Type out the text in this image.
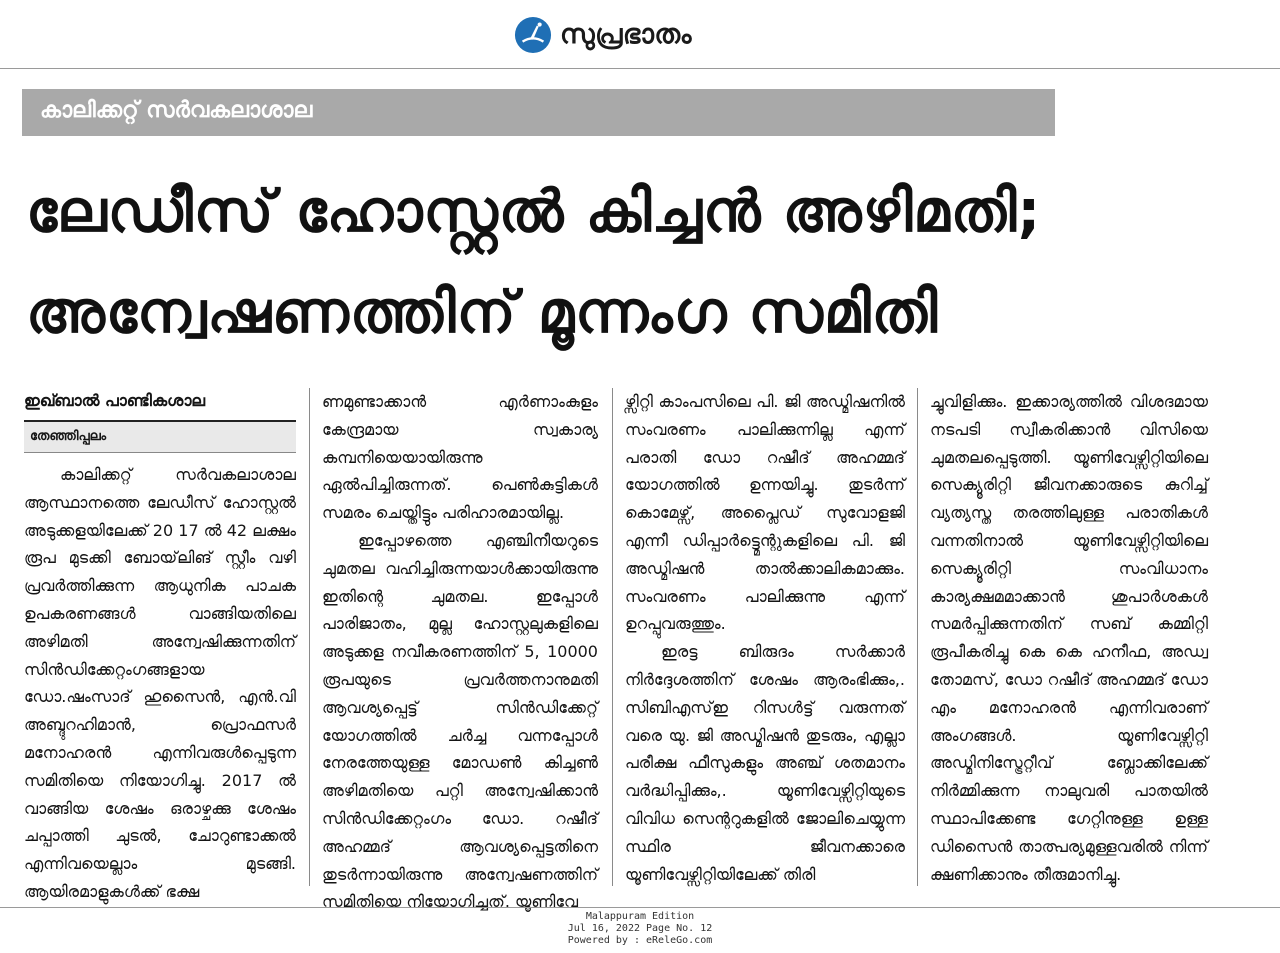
സുപ്രഭാതം
കാലിക്കറ്റ് സർവകലാശാല
ലേഡീസ് ഹോസ്റ്റൽ കിച്ചൻ അഴിമതി;
അന്വേഷണത്തിന് മൂന്നംഗ സമിതി
ഇഖ്ബാൽ പാണ്ടികശാല
തേഞ്ഞിപ്പലം

കാലിക്കറ്റ് സർവകലാശാല ആസ്ഥാനത്തെ ലേഡീസ് ഹോസ്റ്റൽ അടുക്കളയിലേക്ക് 20 17 ൽ 42 ലക്ഷം രൂപ മുടക്കി ബോയ്‌ലിങ് സ്റ്റീം വഴി പ്രവർത്തിക്കുന്ന ആധുനിക പാചക ഉപകരണങ്ങൾ വാങ്ങിയതിലെ അഴിമതി അന്വേഷിക്കുന്നതിന് സിൻഡിക്കേറ്റംഗങ്ങളായ ഡോ.ഷംസാദ് ഹുസൈൻ, എൻ.വി അബ്ദുറഹിമാൻ, പ്രൊഫസർ മനോഹരൻ എന്നിവരുൾപ്പെടുന്ന സമിതിയെ നിയോഗിച്ചു. 2017 ൽ വാങ്ങിയ ശേഷം ഒരാഴ്ചക്കു ശേഷം ചപ്പാത്തി ചുടൽ, ചോറുണ്ടാക്കൽ എന്നിവയെല്ലാം മുടങ്ങി. ആയിരമാളുകൾക്ക് ഭക്ഷ

ണമുണ്ടാക്കാൻ എർണാംകുളം കേന്ദ്രമായ സ്വകാര്യ കമ്പനിയെയായിരുന്നു ഏൽപിച്ചിരുന്നത്. പെൺകുട്ടികൾ സമരം ചെയ്തിട്ടും പരിഹാരമായില്ല.

ഇപ്പോഴത്തെ എഞ്ചിനീയറുടെ ചുമതല വഹിച്ചിരുന്നയാൾക്കായിരുന്നു ഇതിന്റെ ചുമതല. ഇപ്പോൾ പാരിജാതം, മുല്ല ഹോസ്റ്റലുകളിലെ അടുക്കള നവീകരണത്തിന് 5, 10000 രൂപയുടെ പ്രവർത്തനാനുമതി ആവശ്യപ്പെട്ട് സിൻഡിക്കേറ്റ് യോഗത്തിൽ ചർച്ച വന്നപ്പോൾ നേരത്തേയുള്ള മോഡൺ കിച്ചൺ അഴിമതിയെ പറ്റി അന്വേഷിക്കാൻ സിൻഡിക്കേറ്റംഗം ഡോ. റഷീദ് അഹമ്മദ് ആവശ്യപ്പെട്ടതിനെ തുടർന്നായിരുന്നു അന്വേഷണത്തിന് സമിതിയെ നിയോഗിച്ചത്. യൂണിവേ

ഴ്സിറ്റി കാംപസിലെ പി. ജി അഡ്മിഷനിൽ സംവരണം പാലിക്കുന്നില്ല എന്ന് പരാതി ഡോ റഷീദ് അഹമ്മദ് യോഗത്തിൽ ഉന്നയിച്ചു. തുടർന്ന് കൊമേഴ്സ്, അപ്ലൈഡ് സുവോളജി എന്നീ ഡിപ്പാർട്ട്മെന്റുകളിലെ പി. ജി അഡ്മിഷൻ താൽക്കാലികമാക്കും. സംവരണം പാലിക്കുന്നു എന്ന് ഉറപ്പുവരുത്തും.

ഇരട്ട ബിരുദം സർക്കാർ നിർദ്ദേശത്തിന് ശേഷം ആരംഭിക്കും,. സിബിഎസ്ഇ റിസൾട്ട് വരുന്നത് വരെ യു. ജി അഡ്മിഷൻ തുടരും, എല്ലാ പരീക്ഷ ഫീസുകളും അഞ്ച് ശതമാനം വർദ്ധിപ്പിക്കും,. യൂണിവേഴ്സിറ്റിയുടെ വിവിധ സെന്ററുകളിൽ ജോലിചെയ്യുന്ന സ്ഥിര ജീവനക്കാരെ യൂണിവേഴ്സിറ്റിയിലേക്ക് തിരി

ച്ചുവിളിക്കും. ഇക്കാര്യത്തിൽ വിശദമായ നടപടി സ്വീകരിക്കാൻ വിസിയെ ചുമതലപ്പെടുത്തി. യൂണിവേഴ്സിറ്റിയിലെ സെക്യൂരിറ്റി ജീവനക്കാരുടെ കുറിച്ച് വ്യത്യസ്ത തരത്തിലുള്ള പരാതികൾ വന്നതിനാൽ യൂണിവേഴ്സിറ്റിയിലെ സെക്യൂരിറ്റി സംവിധാനം കാര്യക്ഷമമാക്കാൻ ശുപാർശകൾ സമർപ്പിക്കുന്നതിന് സബ് കമ്മിറ്റി രൂപീകരിച്ചു കെ കെ ഹനീഫ, അഡ്വ തോമസ്, ഡോ റഷീദ് അഹമ്മദ് ഡോ എം മനോഹരൻ എന്നിവരാണ് അംഗങ്ങൾ. യൂണിവേഴ്സിറ്റി അഡ്മിനിസ്ട്രേറ്റീവ് ബ്ലോക്കിലേക്ക് നിർമ്മിക്കുന്ന നാലുവരി പാതയിൽ സ്ഥാപിക്കേണ്ട ഗേറ്റിനുള്ള ഉള്ള ഡിസൈൻ താത്പര്യമുള്ളവരിൽ നിന്ന് ക്ഷണിക്കാനും തീരുമാനിച്ചു.

Malappuram Edition
Jul 16, 2022 Page No. 12
Powered by : eReleGo.com
